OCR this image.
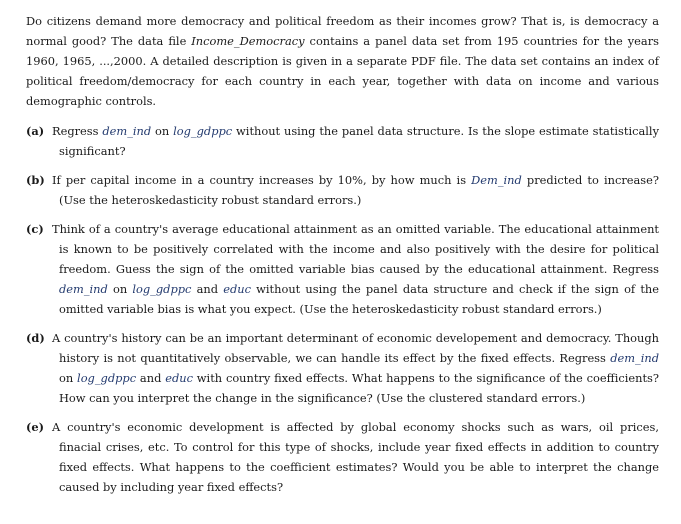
Do citizens demand more democracy and political freedom as their incomes grow? That is, is democracy a normal good? The data file Income_Democracy contains a panel data set from 195 countries for the years 1960, 1965, ...,2000. A detailed description is given in a separate PDF file. The data set contains an index of political freedom/democracy for each country in each year, together with data on income and various demographic controls.

(a) Regress dem_ind on log_gdppc without using the panel data structure. Is the slope estimate statistically significant?

(b) If per capital income in a country increases by 10%, by how much is Dem_ind predicted to increase? (Use the heteroskedasticity robust standard errors.)

(c) Think of a country's average educational attainment as an omitted variable. The educational attainment is known to be positively correlated with the income and also positively with the desire for political freedom. Guess the sign of the omitted variable bias caused by the educational attainment. Regress dem_ind on log_gdppc and educ without using the panel data structure and check if the sign of the omitted variable bias is what you expect. (Use the heteroskedasticity robust standard errors.)

(d) A country's history can be an important determinant of economic developement and democracy. Though history is not quantitatively observable, we can handle its effect by the fixed effects. Regress dem_ind on log_gdppc and educ with country fixed effects. What happens to the significance of the coefficients? How can you interpret the change in the significance? (Use the clustered standard errors.)

(e) A country's economic development is affected by global economy shocks such as wars, oil prices, finacial crises, etc. To control for this type of shocks, include year fixed effects in addition to country fixed effects. What happens to the coefficient estimates? Would you be able to interpret the change caused by including year fixed effects?
